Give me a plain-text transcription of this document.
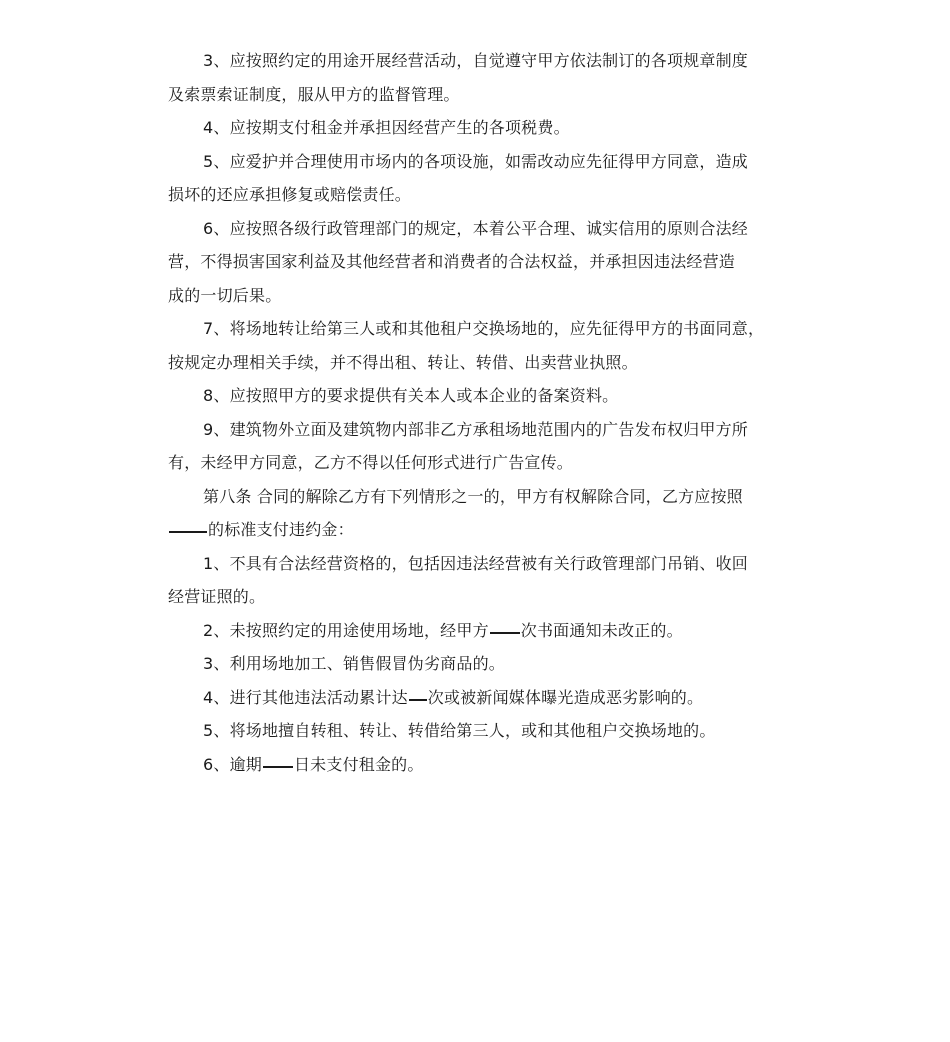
3、应按照约定的用途开展经营活动，自觉遵守甲方依法制订的各项规章制度
及索票索证制度，服从甲方的监督管理。
4、应按期支付租金并承担因经营产生的各项税费。
5、应爱护并合理使用市场内的各项设施，如需改动应先征得甲方同意，造成
损坏的还应承担修复或赔偿责任。
6、应按照各级行政管理部门的规定，本着公平合理、诚实信用的原则合法经
营，不得损害国家利益及其他经营者和消费者的合法权益，并承担因违法经营造
成的一切后果。
7、将场地转让给第三人或和其他租户交换场地的，应先征得甲方的书面同意，
按规定办理相关手续，并不得出租、转让、转借、出卖营业执照。
8、应按照甲方的要求提供有关本人或本企业的备案资料。
9、建筑物外立面及建筑物内部非乙方承租场地范围内的广告发布权归甲方所
有，未经甲方同意，乙方不得以任何形式进行广告宣传。
第八条 合同的解除乙方有下列情形之一的，甲方有权解除合同，乙方应按照
的标准支付违约金：
1、不具有合法经营资格的，包括因违法经营被有关行政管理部门吊销、收回
经营证照的。
2、未按照约定的用途使用场地，经甲方 次书面通知未改正的。
3、利用场地加工、销售假冒伪劣商品的。
4、进行其他违法活动累计达 次或被新闻媒体曝光造成恶劣影响的。
5、将场地擅自转租、转让、转借给第三人，或和其他租户交换场地的。
6、逾期 日未支付租金的。
